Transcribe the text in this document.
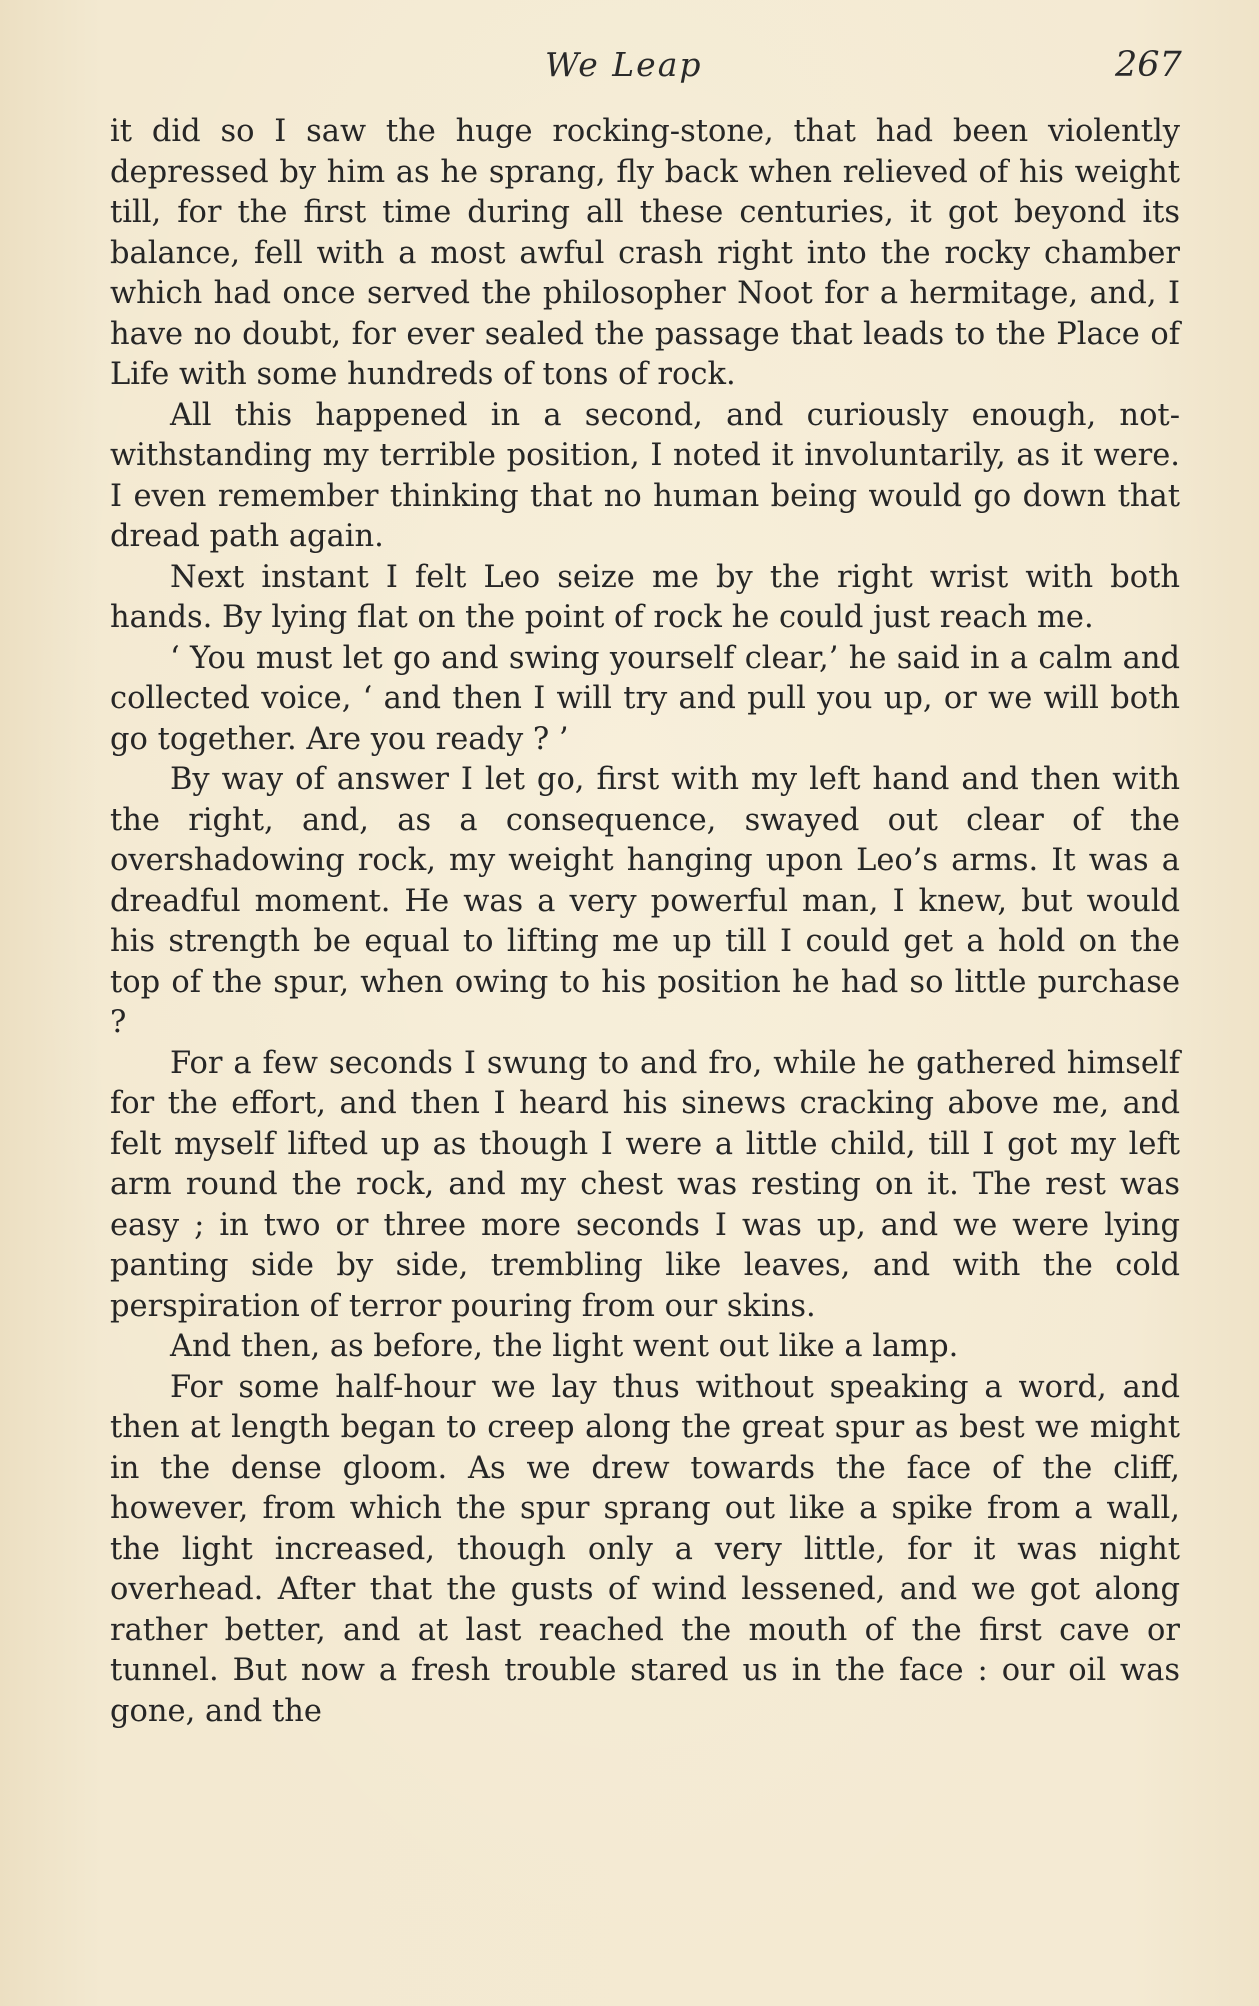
We Leap	267

it did so I saw the huge rocking-stone, that had been violently depressed by him as he sprang, fly back when relieved of his weight till, for the first time during all these centuries, it got beyond its balance, fell with a most awful crash right into the rocky chamber which had once served the philosopher Noot for a hermitage, and, I have no doubt, for ever sealed the passage that leads to the Place of Life with some hundreds of tons of rock.

All this happened in a second, and curiously enough, not-withstanding my terrible position, I noted it involuntarily, as it were. I even remember thinking that no human being would go down that dread path again.

Next instant I felt Leo seize me by the right wrist with both hands. By lying flat on the point of rock he could just reach me.

‘ You must let go and swing yourself clear,’ he said in a calm and collected voice, ‘ and then I will try and pull you up, or we will both go together. Are you ready ? ’

By way of answer I let go, first with my left hand and then with the right, and, as a consequence, swayed out clear of the overshadowing rock, my weight hanging upon Leo’s arms. It was a dreadful moment. He was a very powerful man, I knew, but would his strength be equal to lifting me up till I could get a hold on the top of the spur, when owing to his position he had so little purchase ?

For a few seconds I swung to and fro, while he gathered himself for the effort, and then I heard his sinews cracking above me, and felt myself lifted up as though I were a little child, till I got my left arm round the rock, and my chest was resting on it. The rest was easy ; in two or three more seconds I was up, and we were lying panting side by side, trembling like leaves, and with the cold perspiration of terror pouring from our skins.

And then, as before, the light went out like a lamp.

For some half-hour we lay thus without speaking a word, and then at length began to creep along the great spur as best we might in the dense gloom. As we drew towards the face of the cliff, however, from which the spur sprang out like a spike from a wall, the light increased, though only a very little, for it was night overhead. After that the gusts of wind lessened, and we got along rather better, and at last reached the mouth of the first cave or tunnel. But now a fresh trouble stared us in the face : our oil was gone, and the
